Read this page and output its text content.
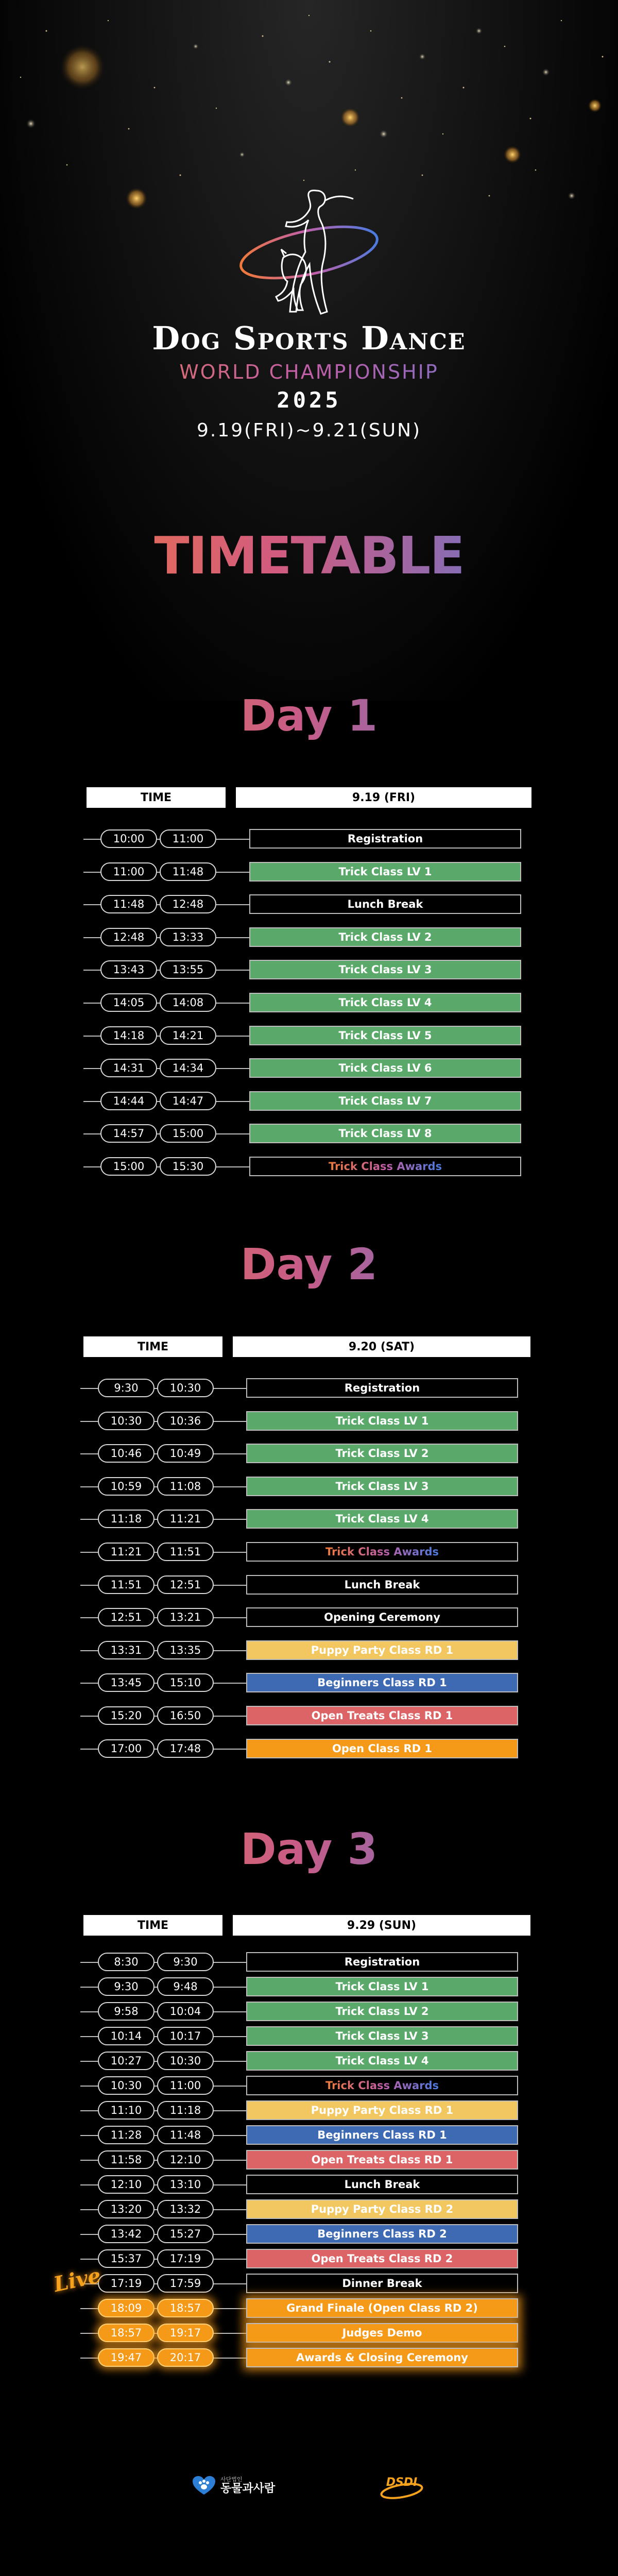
Dog Sports Dance
WORLD CHAMPIONSHIP
2025
9.19(FRI)~9.21(SUN)
TIMETABLE
Day 1
TIME	9.19 (FRI)
10:00	11:00	Registration
11:00	11:48	Trick Class LV 1
11:48	12:48	Lunch Break
12:48	13:33	Trick Class LV 2
13:43	13:55	Trick Class LV 3
14:05	14:08	Trick Class LV 4
14:18	14:21	Trick Class LV 5
14:31	14:34	Trick Class LV 6
14:44	14:47	Trick Class LV 7
14:57	15:00	Trick Class LV 8
15:00	15:30	Trick Class Awards
Day 2
TIME	9.20 (SAT)
9:30	10:30	Registration
10:30	10:36	Trick Class LV 1
10:46	10:49	Trick Class LV 2
10:59	11:08	Trick Class LV 3
11:18	11:21	Trick Class LV 4
11:21	11:51	Trick Class Awards
11:51	12:51	Lunch Break
12:51	13:21	Opening Ceremony
13:31	13:35	Puppy Party Class RD 1
13:45	15:10	Beginners Class RD 1
15:20	16:50	Open Treats Class RD 1
17:00	17:48	Open Class RD 1
Day 3
TIME	9.29 (SUN)
8:30	9:30	Registration
9:30	9:48	Trick Class LV 1
9:58	10:04	Trick Class LV 2
10:14	10:17	Trick Class LV 3
10:27	10:30	Trick Class LV 4
10:30	11:00	Trick Class Awards
11:10	11:18	Puppy Party Class RD 1
11:28	11:48	Beginners Class RD 1
11:58	12:10	Open Treats Class RD 1
12:10	13:10	Lunch Break
13:20	13:32	Puppy Party Class RD 2
13:42	15:27	Beginners Class RD 2
15:37	17:19	Open Treats Class RD 2
17:19	17:59	Dinner Break
18:09	18:57	Grand Finale (Open Class RD 2)
18:57	19:17	Judges Demo
19:47	20:17	Awards & Closing Ceremony
Live
사단법인
동물과사람	DSDI
